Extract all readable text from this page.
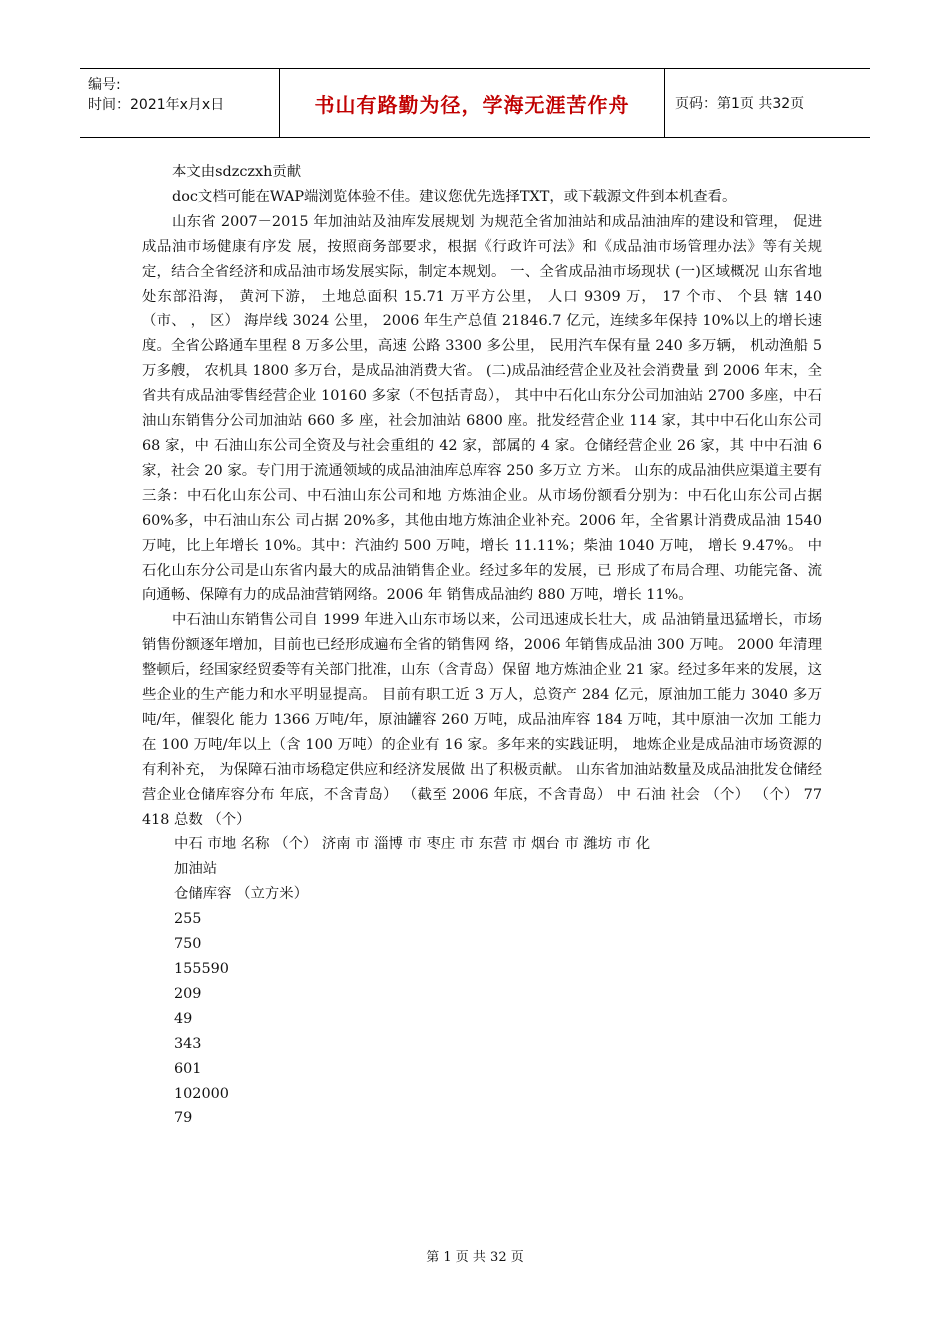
编号:
时间：2021年x月x日	书山有路勤为径，学海无涯苦作舟	页码：第1页 共32页

本文由sdzczxh贡献

doc文档可能在WAP端浏览体验不佳。建议您优先选择TXT，或下载源文件到本机查看。

山东省 2007－2015 年加油站及油库发展规划 为规范全省加油站和成品油油库的建设和管理， 促进成品油市场健康有序发 展，按照商务部要求，根据《行政许可法》和《成品油市场管理办法》等有关规 定，结合全省经济和成品油市场发展实际，制定本规划。 一、全省成品油市场现状 (一)区域概况 山东省地处东部沿海， 黄河下游， 土地总面积 15.71 万平方公里， 人口 9309 万， 17 个市、 个县 辖 140 （市、 ， 区） 海岸线 3024 公里， 2006 年生产总值 21846.7 亿元，连续多年保持 10%以上的增长速度。全省公路通车里程 8 万多公里，高速 公路 3300 多公里， 民用汽车保有量 240 多万辆， 机动渔船 5 万多艘， 农机具 1800 多万台，是成品油消费大省。 (二)成品油经营企业及社会消费量 到 2006 年末，全省共有成品油零售经营企业 10160 多家（不包括青岛）， 其中中石化山东分公司加油站 2700 多座，中石油山东销售分公司加油站 660 多 座，社会加油站 6800 座。批发经营企业 114 家，其中中石化山东公司 68 家，中 石油山东公司全资及与社会重组的 42 家，部属的 4 家。仓储经营企业 26 家，其 中中石油 6 家，社会 20 家。专门用于流通领域的成品油油库总库容 250 多万立 方米。 山东的成品油供应渠道主要有三条：中石化山东公司、中石油山东公司和地 方炼油企业。从市场份额看分别为：中石化山东公司占据 60%多，中石油山东公 司占据 20%多，其他由地方炼油企业补充。2006 年，全省累计消费成品油 1540 万吨，比上年增长 10%。其中：汽油约 500 万吨，增长 11.11%；柴油 1040 万吨， 增长 9.47%。 中石化山东分公司是山东省内最大的成品油销售企业。经过多年的发展，已 形成了布局合理、功能完备、流向通畅、保障有力的成品油营销网络。2006 年 销售成品油约 880 万吨，增长 11%。

中石油山东销售公司自 1999 年进入山东市场以来，公司迅速成长壮大，成 品油销量迅猛增长，市场销售份额逐年增加，目前也已经形成遍布全省的销售网 络，2006 年销售成品油 300 万吨。 2000 年清理整顿后，经国家经贸委等有关部门批准，山东（含青岛）保留 地方炼油企业 21 家。经过多年来的发展，这些企业的生产能力和水平明显提高。 目前有职工近 3 万人，总资产 284 亿元，原油加工能力 3040 多万吨/年，催裂化 能力 1366 万吨/年，原油罐容 260 万吨，成品油库容 184 万吨，其中原油一次加 工能力在 100 万吨/年以上（含 100 万吨）的企业有 16 家。多年来的实践证明， 地炼企业是成品油市场资源的有利补充， 为保障石油市场稳定供应和经济发展做 出了积极贡献。 山东省加油站数量及成品油批发仓储经营企业仓储库容分布 年底，不含青岛） （截至 2006 年底，不含青岛） 中 石油 社会 （个） （个） 77 418 总数 （个）

中石 市地 名称 （个） 济南 市 淄博 市 枣庄 市 东营 市 烟台 市 潍坊 市 化

加油站

仓储库容 （立方米）

255

750

155590

209

49

343

601

102000

79

第 1 页 共 32 页
